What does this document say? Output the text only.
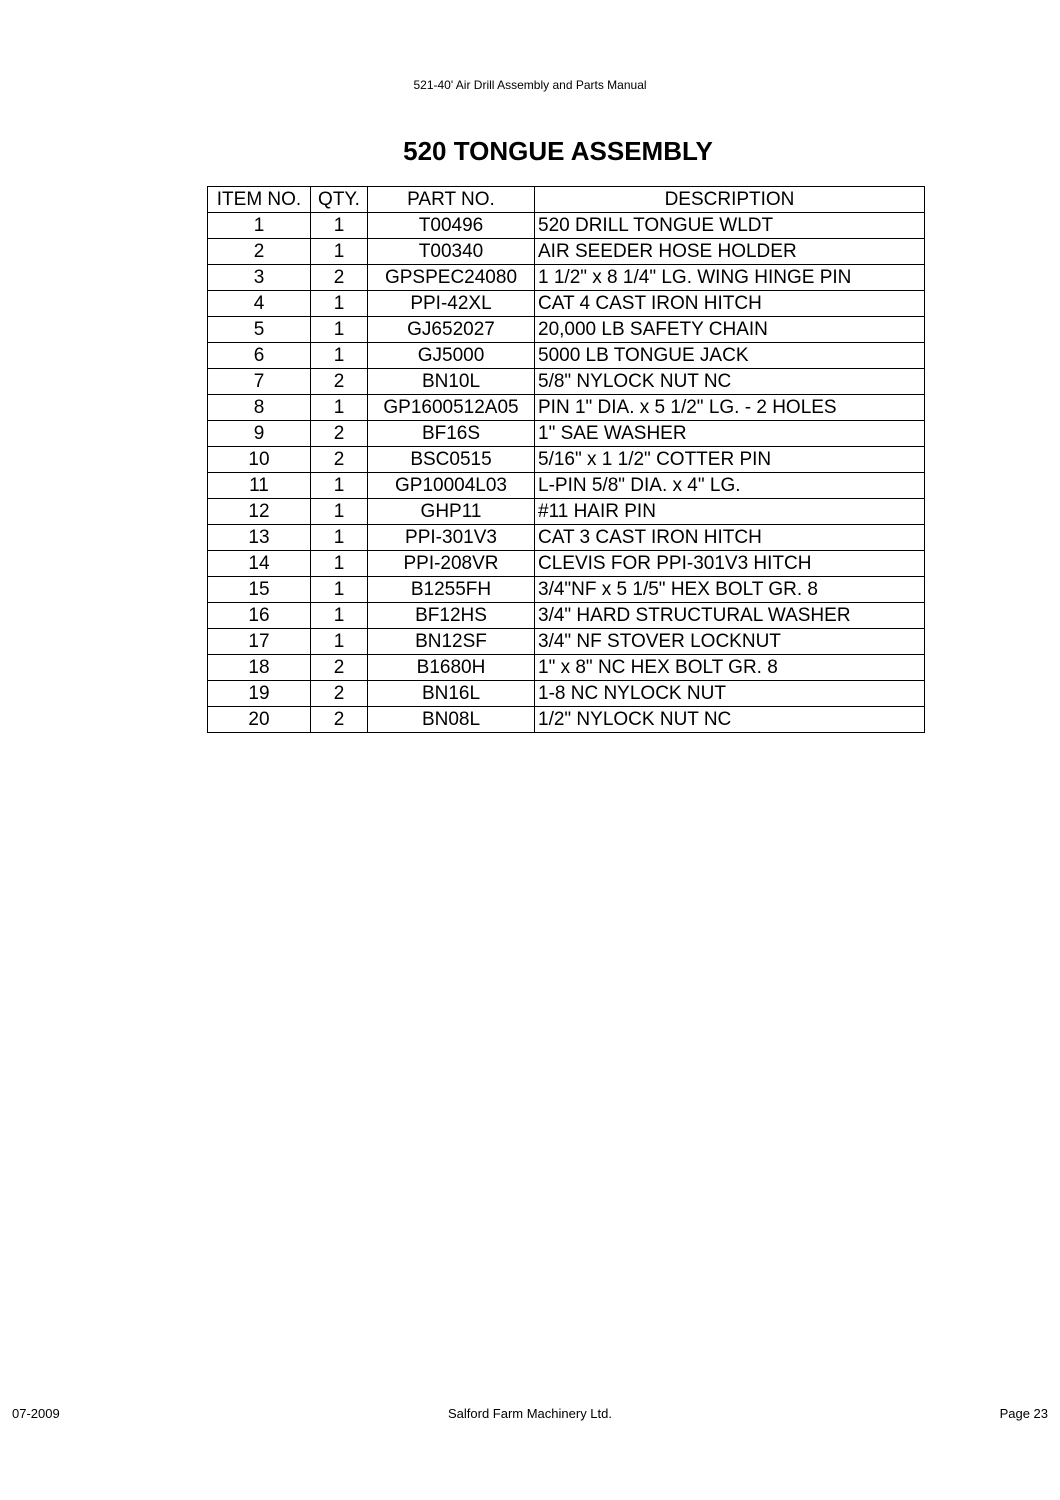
521-40' Air Drill Assembly and Parts Manual
520 TONGUE ASSEMBLY
ITEM NO.	QTY.	PART NO.	DESCRIPTION
1	1	T00496	520 DRILL TONGUE WLDT
2	1	T00340	AIR SEEDER HOSE HOLDER
3	2	GPSPEC24080	1 1/2" x 8 1/4" LG. WING HINGE PIN
4	1	PPI-42XL	CAT 4 CAST IRON HITCH
5	1	GJ652027	20,000 LB SAFETY CHAIN
6	1	GJ5000	5000 LB TONGUE JACK
7	2	BN10L	5/8" NYLOCK NUT NC
8	1	GP1600512A05	PIN 1" DIA. x 5 1/2" LG. - 2 HOLES
9	2	BF16S	1" SAE WASHER
10	2	BSC0515	5/16" x 1 1/2" COTTER PIN
11	1	GP10004L03	L-PIN 5/8" DIA. x 4" LG.
12	1	GHP11	#11 HAIR PIN
13	1	PPI-301V3	CAT 3 CAST IRON HITCH
14	1	PPI-208VR	CLEVIS FOR PPI-301V3 HITCH
15	1	B1255FH	3/4"NF x 5 1/5" HEX BOLT GR. 8
16	1	BF12HS	3/4" HARD STRUCTURAL WASHER
17	1	BN12SF	3/4" NF STOVER LOCKNUT
18	2	B1680H	1" x 8" NC HEX BOLT GR. 8
19	2	BN16L	1-8 NC NYLOCK NUT
20	2	BN08L	1/2" NYLOCK NUT NC
07-2009	Salford Farm Machinery Ltd.	Page 23
